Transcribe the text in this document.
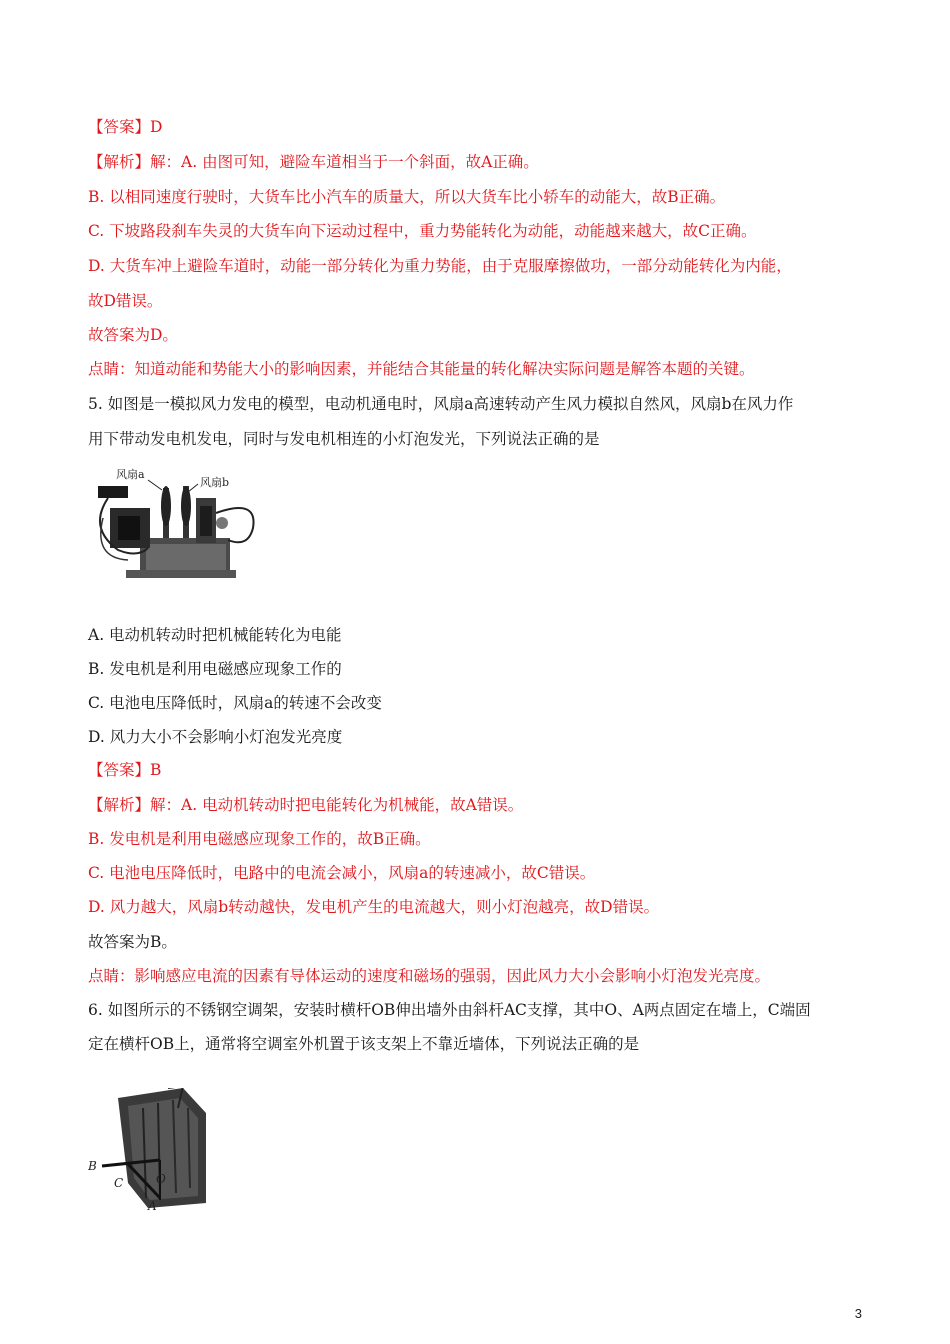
【答案】D
【解析】解：A. 由图可知，避险车道相当于一个斜面，故A正确。
B. 以相同速度行驶时，大货车比小汽车的质量大，所以大货车比小轿车的动能大，故B正确。
C. 下坡路段刹车失灵的大货车向下运动过程中，重力势能转化为动能，动能越来越大，故C正确。
D. 大货车冲上避险车道时，动能一部分转化为重力势能，由于克服摩擦做功，一部分动能转化为内能，
故D错误。
故答案为D。
点睛：知道动能和势能大小的影响因素，并能结合其能量的转化解决实际问题是解答本题的关键。
5. 如图是一模拟风力发电的模型，电动机通电时，风扇a高速转动产生风力模拟自然风，风扇b在风力作
用下带动发电机发电，同时与发电机相连的小灯泡发光，下列说法正确的是
风扇a
风扇b
A. 电动机转动时把机械能转化为电能
B. 发电机是利用电磁感应现象工作的
C. 电池电压降低时，风扇a的转速不会改变
D. 风力大小不会影响小灯泡发光亮度
【答案】B
【解析】解：A. 电动机转动时把电能转化为机械能，故A错误。
B. 发电机是利用电磁感应现象工作的，故B正确。
C. 电池电压降低时，电路中的电流会减小，风扇a的转速减小，故C错误。
D. 风力越大，风扇b转动越快，发电机产生的电流越大，则小灯泡越亮，故D错误。
故答案为B。
点睛：影响感应电流的因素有导体运动的速度和磁场的强弱，因此风力大小会影响小灯泡发光亮度。
6. 如图所示的不锈钢空调架，安装时横杆OB伸出墙外由斜杆AC支撑，其中O、A两点固定在墙上，C端固
定在横杆OB上，通常将空调室外机置于该支架上不靠近墙体，下列说法正确的是
B
C	O
A
3
